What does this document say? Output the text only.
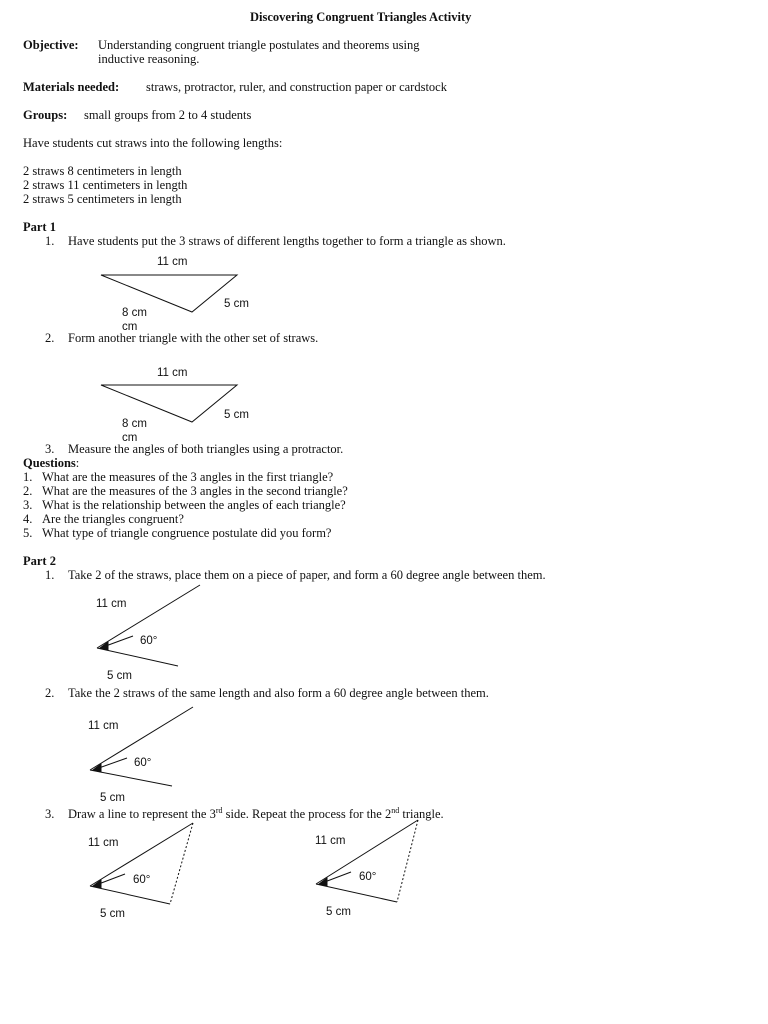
Discovering Congruent Triangles Activity
Objective: Understanding congruent triangle postulates and theorems using
inductive reasoning.
Materials needed: straws, protractor, ruler, and construction paper or cardstock
Groups: small groups from 2 to 4 students
Have students cut straws into the following lengths:
2 straws 8 centimeters in length
2 straws 11 centimeters in length
2 straws 5 centimeters in length
Part 1
1. Have students put the 3 straws of different lengths together to form a triangle as shown.
11 cm
5 cm
8 cm
cm
2. Form another triangle with the other set of straws.
11 cm
5 cm
8 cm
cm
3. Measure the angles of both triangles using a protractor.
Questions:
1. What are the measures of the 3 angles in the first triangle?
2. What are the measures of the 3 angles in the second triangle?
3. What is the relationship between the angles of each triangle?
4. Are the triangles congruent?
5. What type of triangle congruence postulate did you form?
Part 2
1. Take 2 of the straws, place them on a piece of paper, and form a 60 degree angle between them.
11 cm
60°
5 cm
2. Take the 2 straws of the same length and also form a 60 degree angle between them.
11 cm
60°
5 cm
3. Draw a line to represent the 3rd side. Repeat the process for the 2nd triangle.
11 cm
60°
5 cm
11 cm
60°
5 cm
